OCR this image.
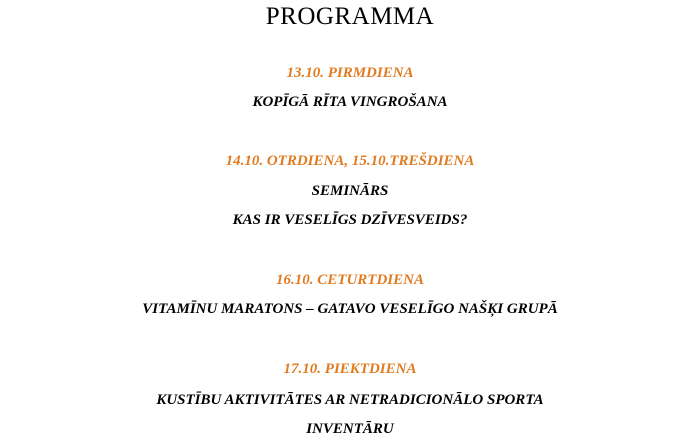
PROGRAMMA
13.10. PIRMDIENA
KOPĪGĀ RĪTA VINGROŠANA
14.10. OTRDIENA, 15.10.TREŠDIENA
SEMINĀRS
KAS IR VESELĪGS DZĪVESVEIDS?
16.10. CETURTDIENA
VITAMĪNU MARATONS – GATAVO VESELĪGO NAŠĶI GRUPĀ
17.10. PIEKTDIENA
KUSTĪBU AKTIVITĀTES AR NETRADICIONĀLO SPORTA
INVENTĀRU
